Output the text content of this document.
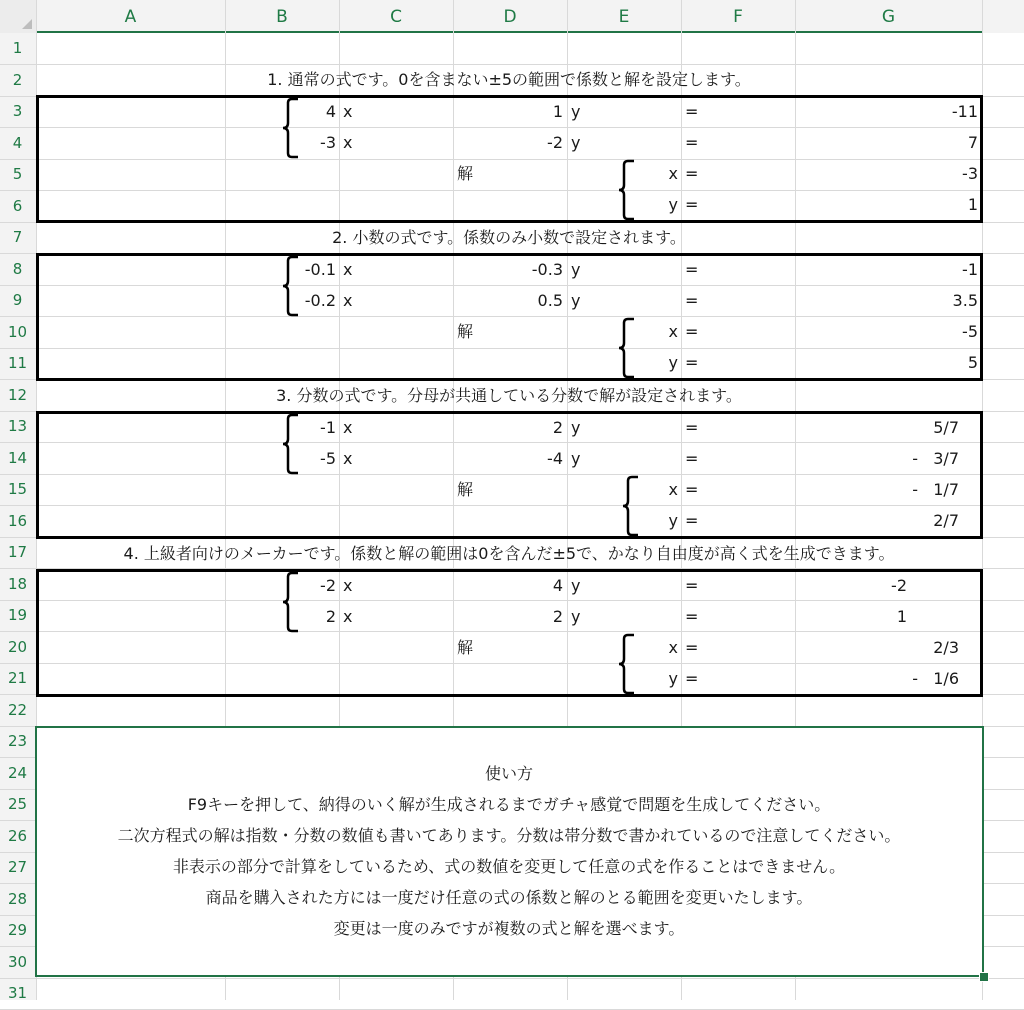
A	B	C	D	E	F	G
1
2
3
4
5
6
7
8
9
10
11
12
13
14
15
16
17
18
19
20
21
22
23
24
25
26
27
28
29
30
31
1. 通常の式です。0を含まない±5の範囲で係数と解を設定します。
4 x	1 y	=	-11
-3 x	-2 y	=	7
解	x =	-3
y =	1
2. 小数の式です。係数のみ小数で設定されます。
-0.1 x	-0.3 y	=	-1
-0.2 x	0.5 y	=	3.5
解	x =	-5
y =	5
3. 分数の式です。分母が共通している分数で解が設定されます。
-1 x	2 y	=	5/7
-5 x	-4 y	=	-   3/7
解	x =	-   1/7
y =	2/7
4. 上級者向けのメーカーです。係数と解の範囲は0を含んだ±5で、かなり自由度が高く式を生成できます。
-2 x	4 y	=	-2
2 x	2 y	=	1
解	x =	2/3
y =	-   1/6
使い方
F9キーを押して、納得のいく解が生成されるまでガチャ感覚で問題を生成してください。
二次方程式の解は指数・分数の数値も書いてあります。分数は帯分数で書かれているので注意してください。
非表示の部分で計算をしているため、式の数値を変更して任意の式を作ることはできません。
商品を購入された方には一度だけ任意の式の係数と解のとる範囲を変更いたします。
変更は一度のみですが複数の式と解を選べます。
